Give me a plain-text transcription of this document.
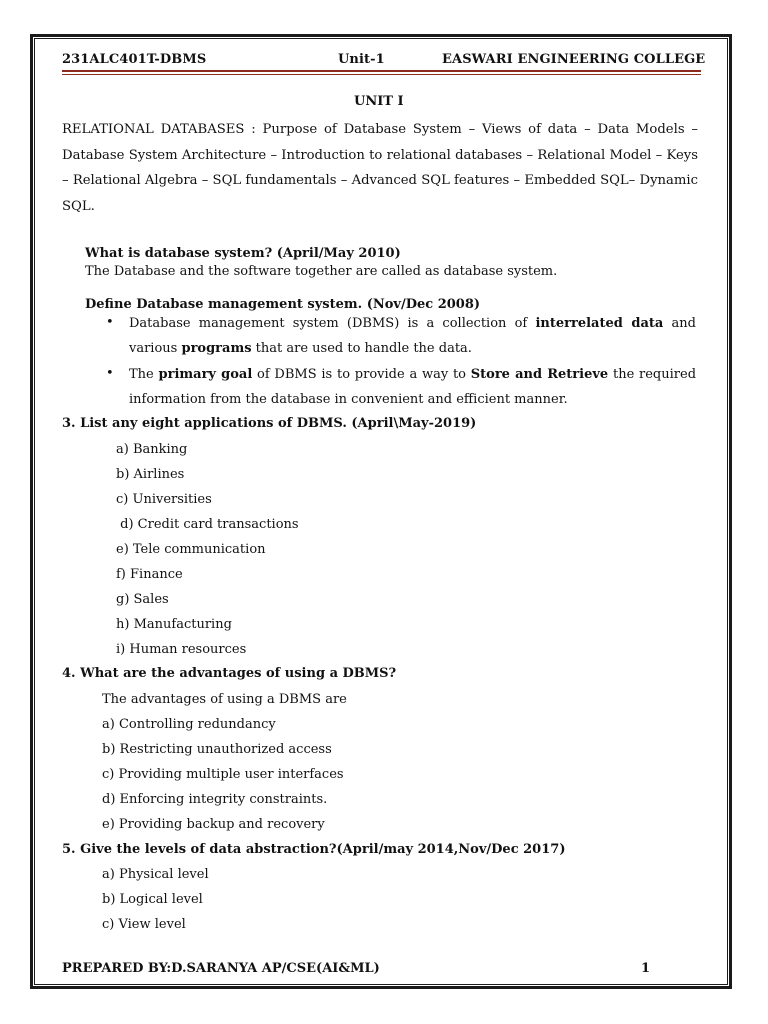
231ALC401T-DBMS	Unit-1	EASWARI ENGINEERING COLLEGE
UNIT I
RELATIONAL DATABASES : Purpose of Database System – Views of data – Data Models – Database System Architecture – Introduction to relational databases – Relational Model – Keys – Relational Algebra – SQL fundamentals – Advanced SQL features – Embedded SQL– Dynamic SQL.
What is database system? (April/May 2010)
The Database and the software together are called as database system.
Define Database management system. (Nov/Dec 2008)
• Database management system (DBMS) is a collection of interrelated data and various programs that are used to handle the data.
• The primary goal of DBMS is to provide a way to Store and Retrieve the required information from the database in convenient and efficient manner.
3. List any eight applications of DBMS. (April\May-2019)
a) Banking
b) Airlines
c) Universities
d) Credit card transactions
e) Tele communication
f) Finance
g) Sales
h) Manufacturing
i) Human resources
4. What are the advantages of using a DBMS?
The advantages of using a DBMS are
a) Controlling redundancy
b) Restricting unauthorized access
c) Providing multiple user interfaces
d) Enforcing integrity constraints.
e) Providing backup and recovery
5. Give the levels of data abstraction?(April/may 2014,Nov/Dec 2017)
a) Physical level
b) Logical level
c) View level
PREPARED BY:D.SARANYA AP/CSE(AI&ML)	1
